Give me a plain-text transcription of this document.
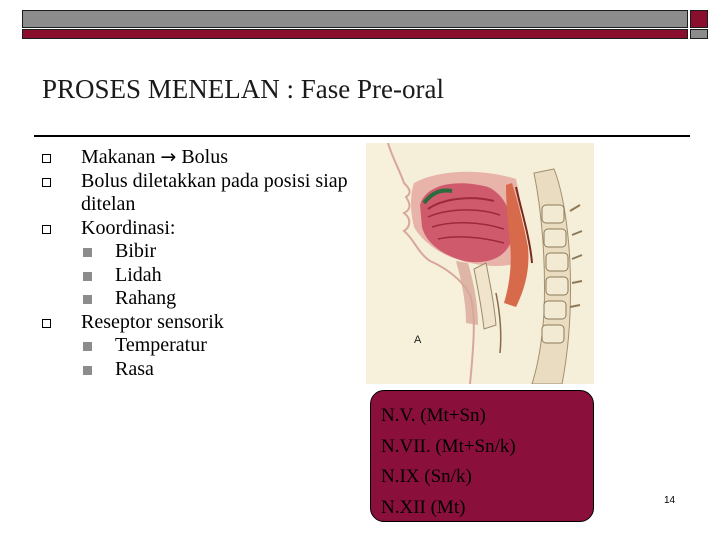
PROSES MENELAN : Fase Pre-oral
Makanan → Bolus
Bolus diletakkan pada posisi siap ditelan
Koordinasi:
Bibir
Lidah
Rahang
Reseptor sensorik
Temperatur
Rasa
A
N.V. (Mt+Sn)
N.VII. (Mt+Sn/k)
N.IX (Sn/k)
N.XII (Mt)	14
